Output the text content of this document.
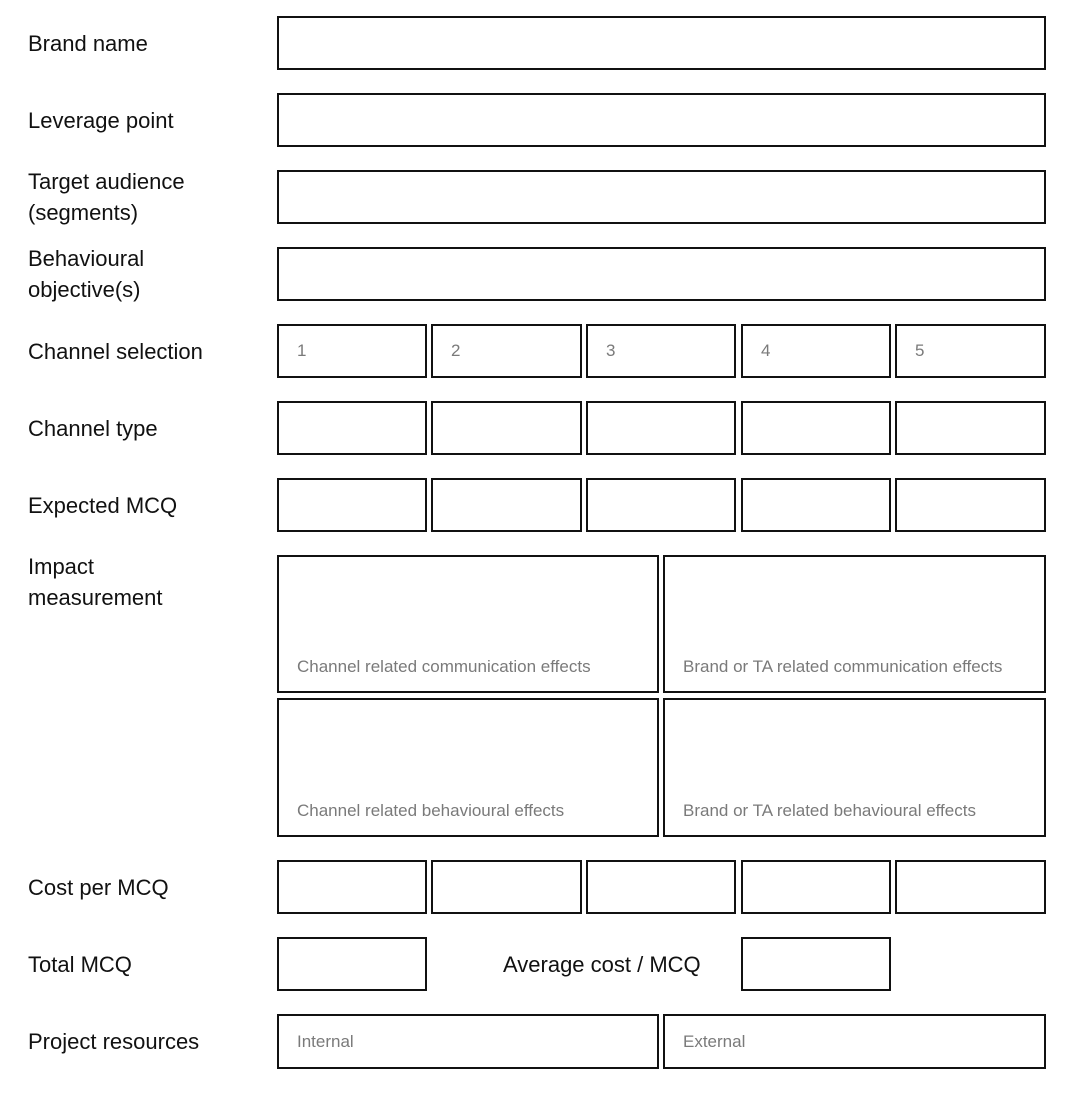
Brand name
Leverage point
Target audience (segments)
Behavioural objective(s)
Channel selection	1	2	3	4	5
Channel type
Expected MCQ
Impact measurement
Channel related communication effects	Brand or TA related communication effects
Channel related behavioural effects	Brand or TA related behavioural effects
Cost per MCQ
Total MCQ	Average cost / MCQ
Project resources	Internal	External
